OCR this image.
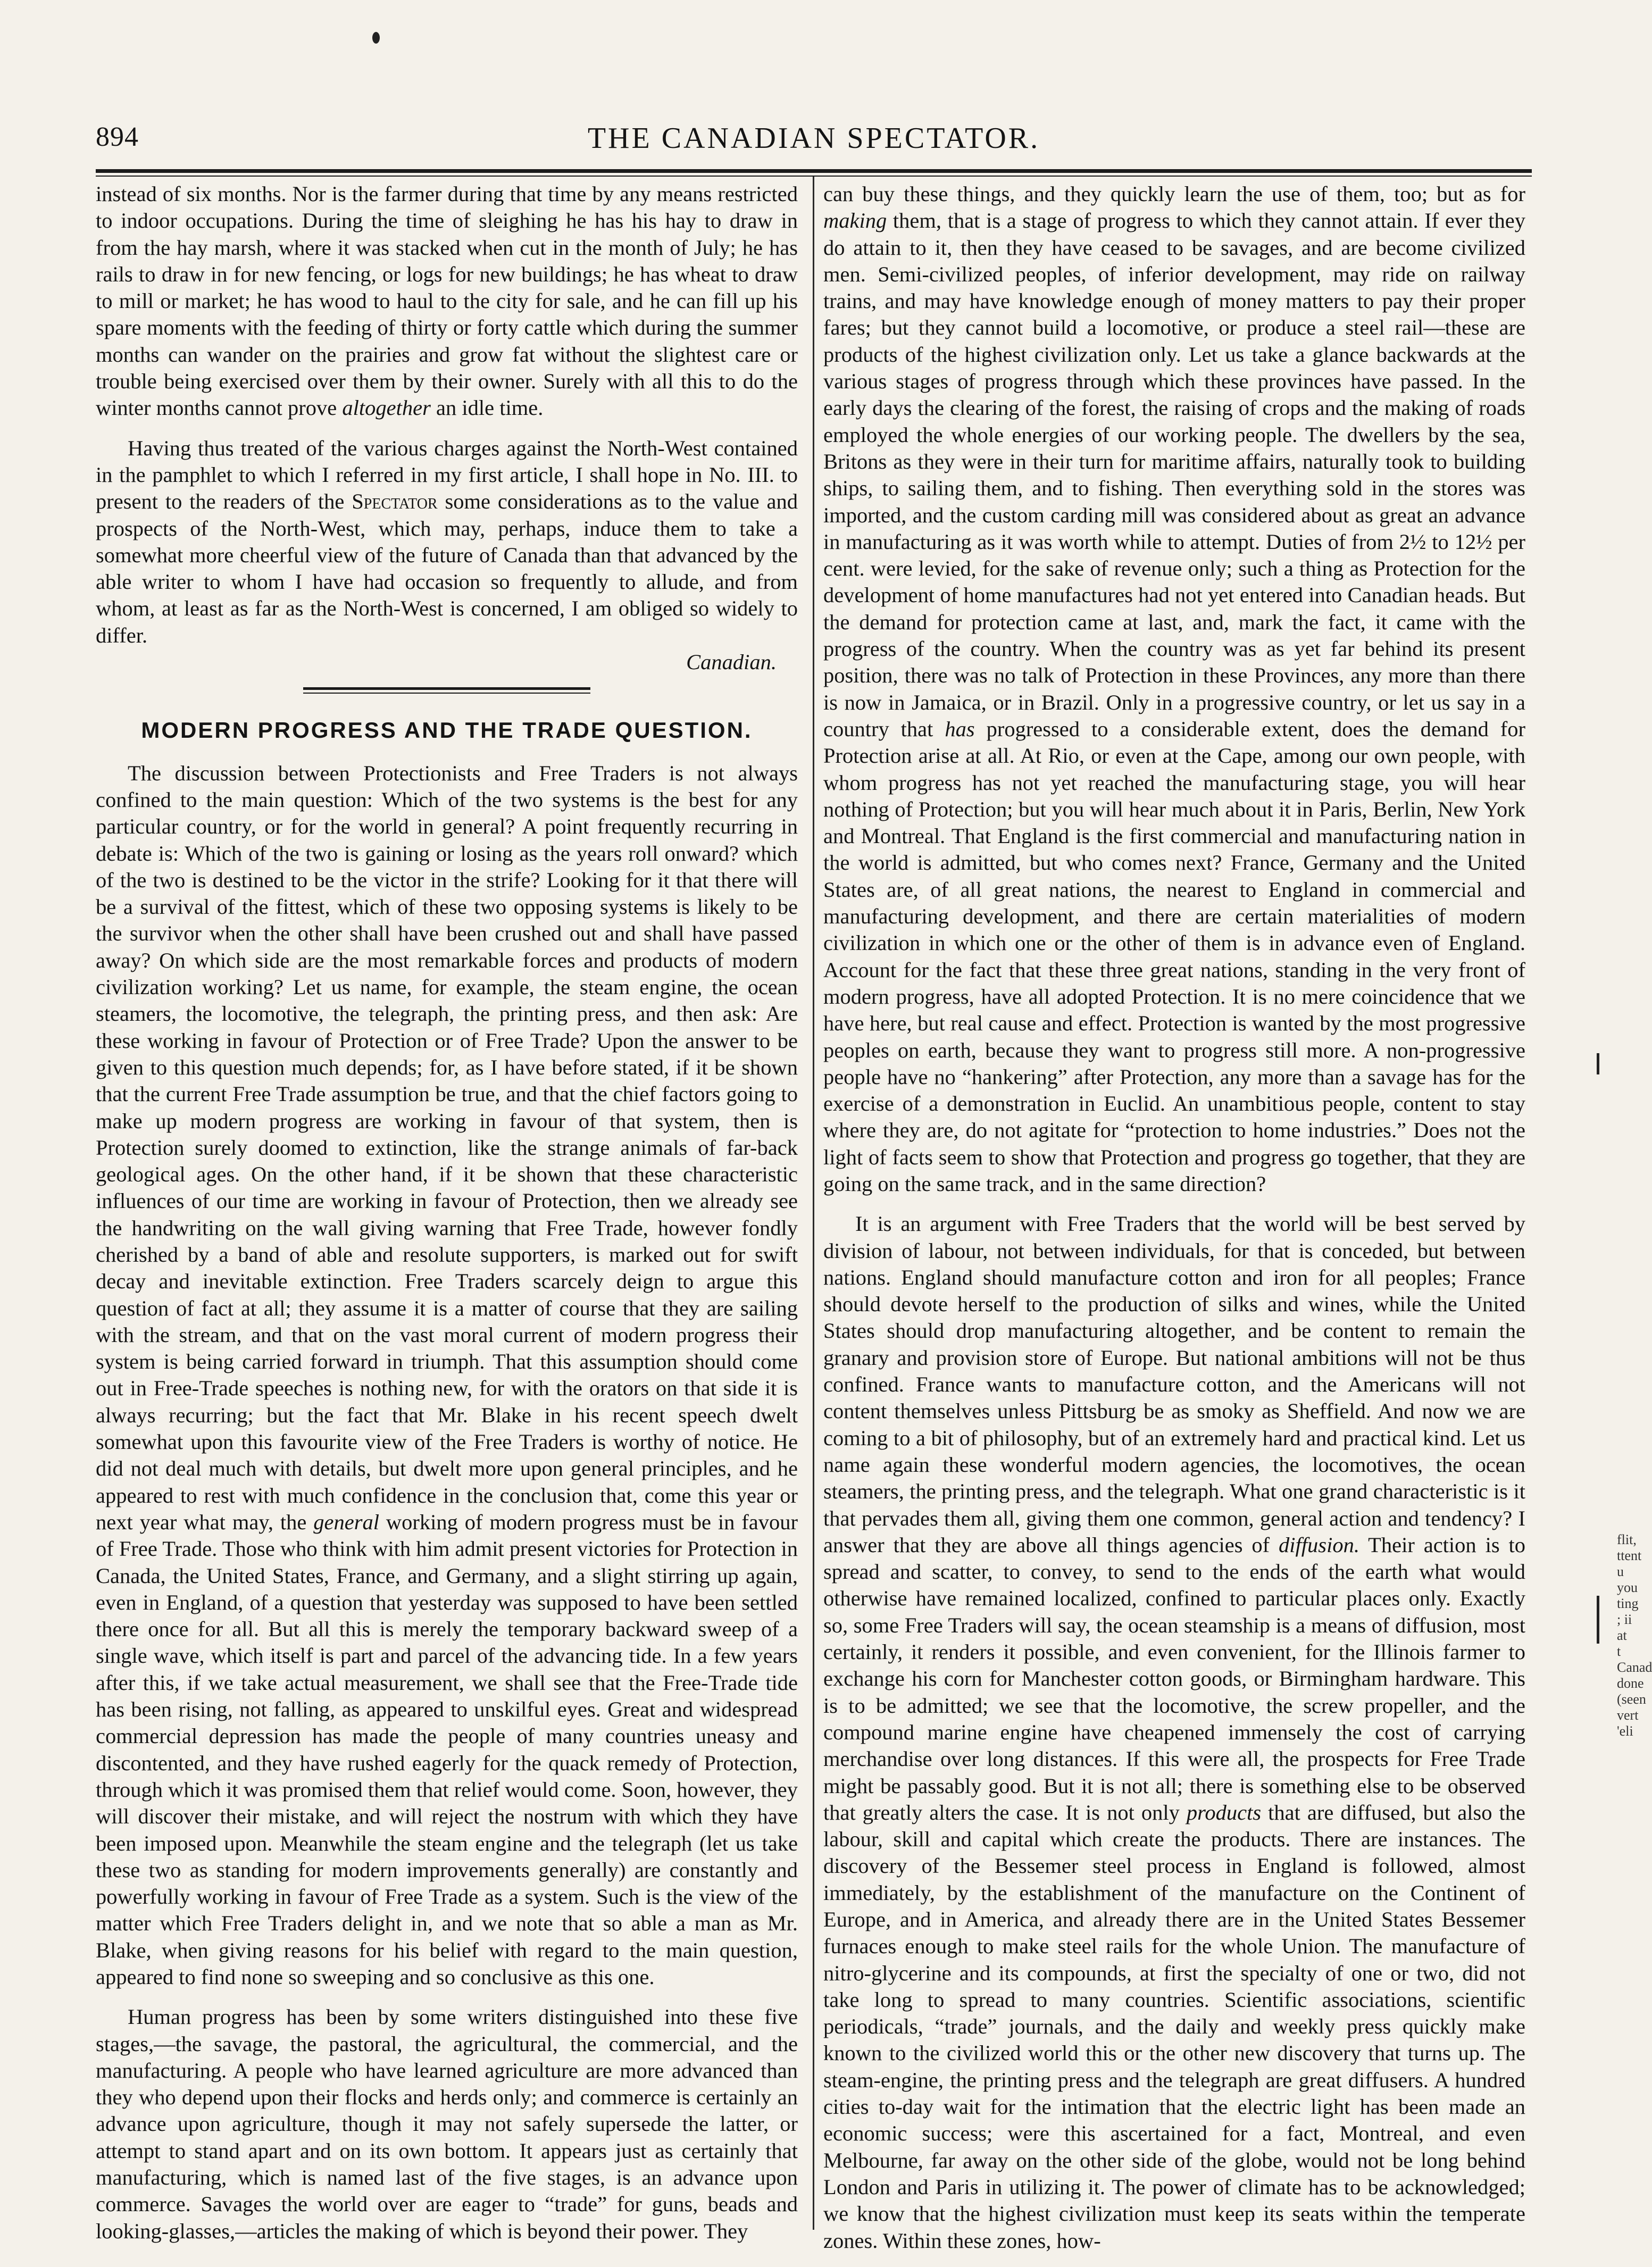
894	THE CANADIAN SPECTATOR.

instead of six months. Nor is the farmer during that time by any means restricted to indoor occupations. During the time of sleighing he has his hay to draw in from the hay marsh, where it was stacked when cut in the month of July; he has rails to draw in for new fencing, or logs for new buildings; he has wheat to draw to mill or market; he has wood to haul to the city for sale, and he can fill up his spare moments with the feeding of thirty or forty cattle which during the summer months can wander on the prairies and grow fat without the slightest care or trouble being exercised over them by their owner. Surely with all this to do the winter months cannot prove altogether an idle time.

Having thus treated of the various charges against the North-West contained in the pamphlet to which I referred in my first article, I shall hope in No. III. to present to the readers of the Spectator some considerations as to the value and prospects of the North-West, which may, perhaps, induce them to take a somewhat more cheerful view of the future of Canada than that advanced by the able writer to whom I have had occasion so frequently to allude, and from whom, at least as far as the North-West is concerned, I am obliged so widely to differ.

Canadian.
MODERN PROGRESS AND THE TRADE QUESTION.

The discussion between Protectionists and Free Traders is not always confined to the main question: Which of the two systems is the best for any particular country, or for the world in general? A point frequently recurring in debate is: Which of the two is gaining or losing as the years roll onward? which of the two is destined to be the victor in the strife? Looking for it that there will be a survival of the fittest, which of these two opposing systems is likely to be the survivor when the other shall have been crushed out and shall have passed away? On which side are the most remarkable forces and products of modern civilization working? Let us name, for example, the steam engine, the ocean steamers, the locomotive, the telegraph, the printing press, and then ask: Are these working in favour of Protection or of Free Trade? Upon the answer to be given to this question much depends; for, as I have before stated, if it be shown that the current Free Trade assumption be true, and that the chief factors going to make up modern progress are working in favour of that system, then is Protection surely doomed to extinction, like the strange animals of far-back geological ages. On the other hand, if it be shown that these characteristic influences of our time are working in favour of Protection, then we already see the handwriting on the wall giving warning that Free Trade, however fondly cherished by a band of able and resolute supporters, is marked out for swift decay and inevitable extinction. Free Traders scarcely deign to argue this question of fact at all; they assume it is a matter of course that they are sailing with the stream, and that on the vast moral current of modern progress their system is being carried forward in triumph. That this assumption should come out in Free-Trade speeches is nothing new, for with the orators on that side it is always recurring; but the fact that Mr. Blake in his recent speech dwelt somewhat upon this favourite view of the Free Traders is worthy of notice. He did not deal much with details, but dwelt more upon general principles, and he appeared to rest with much confidence in the conclusion that, come this year or next year what may, the general working of modern progress must be in favour of Free Trade. Those who think with him admit present victories for Protection in Canada, the United States, France, and Germany, and a slight stirring up again, even in England, of a question that yesterday was supposed to have been settled there once for all. But all this is merely the temporary backward sweep of a single wave, which itself is part and parcel of the advancing tide. In a few years after this, if we take actual measurement, we shall see that the Free-Trade tide has been rising, not falling, as appeared to unskilful eyes. Great and widespread commercial depression has made the people of many countries uneasy and discontented, and they have rushed eagerly for the quack remedy of Protection, through which it was promised them that relief would come. Soon, however, they will discover their mistake, and will reject the nostrum with which they have been imposed upon. Meanwhile the steam engine and the telegraph (let us take these two as standing for modern improvements generally) are constantly and powerfully working in favour of Free Trade as a system. Such is the view of the matter which Free Traders delight in, and we note that so able a man as Mr. Blake, when giving reasons for his belief with regard to the main question, appeared to find none so sweeping and so conclusive as this one.

Human progress has been by some writers distinguished into these five stages,—the savage, the pastoral, the agricultural, the commercial, and the manufacturing. A people who have learned agriculture are more advanced than they who depend upon their flocks and herds only; and commerce is certainly an advance upon agriculture, though it may not safely supersede the latter, or attempt to stand apart and on its own bottom. It appears just as certainly that manufacturing, which is named last of the five stages, is an advance upon commerce. Savages the world over are eager to “trade” for guns, beads and looking-glasses,—articles the making of which is beyond their power. They

can buy these things, and they quickly learn the use of them, too; but as for making them, that is a stage of progress to which they cannot attain. If ever they do attain to it, then they have ceased to be savages, and are become civilized men. Semi-civilized peoples, of inferior development, may ride on railway trains, and may have knowledge enough of money matters to pay their proper fares; but they cannot build a locomotive, or produce a steel rail—these are products of the highest civilization only. Let us take a glance backwards at the various stages of progress through which these provinces have passed. In the early days the clearing of the forest, the raising of crops and the making of roads employed the whole energies of our working people. The dwellers by the sea, Britons as they were in their turn for maritime affairs, naturally took to building ships, to sailing them, and to fishing. Then everything sold in the stores was imported, and the custom carding mill was considered about as great an advance in manufacturing as it was worth while to attempt. Duties of from 2½ to 12½ per cent. were levied, for the sake of revenue only; such a thing as Protection for the development of home manufactures had not yet entered into Canadian heads. But the demand for protection came at last, and, mark the fact, it came with the progress of the country. When the country was as yet far behind its present position, there was no talk of Protection in these Provinces, any more than there is now in Jamaica, or in Brazil. Only in a progressive country, or let us say in a country that has progressed to a considerable extent, does the demand for Protection arise at all. At Rio, or even at the Cape, among our own people, with whom progress has not yet reached the manufacturing stage, you will hear nothing of Protection; but you will hear much about it in Paris, Berlin, New York and Montreal. That England is the first commercial and manufacturing nation in the world is admitted, but who comes next? France, Germany and the United States are, of all great nations, the nearest to England in commercial and manufacturing development, and there are certain materialities of modern civilization in which one or the other of them is in advance even of England. Account for the fact that these three great nations, standing in the very front of modern progress, have all adopted Protection. It is no mere coincidence that we have here, but real cause and effect. Protection is wanted by the most progressive peoples on earth, because they want to progress still more. A non-progressive people have no “hankering” after Protection, any more than a savage has for the exercise of a demonstration in Euclid. An unambitious people, content to stay where they are, do not agitate for “protection to home industries.” Does not the light of facts seem to show that Protection and progress go together, that they are going on the same track, and in the same direction?

It is an argument with Free Traders that the world will be best served by division of labour, not between individuals, for that is conceded, but between nations. England should manufacture cotton and iron for all peoples; France should devote herself to the production of silks and wines, while the United States should drop manufacturing altogether, and be content to remain the granary and provision store of Europe. But national ambitions will not be thus confined. France wants to manufacture cotton, and the Americans will not content themselves unless Pittsburg be as smoky as Sheffield. And now we are coming to a bit of philosophy, but of an extremely hard and practical kind. Let us name again these wonderful modern agencies, the locomotives, the ocean steamers, the printing press, and the telegraph. What one grand characteristic is it that pervades them all, giving them one common, general action and tendency? I answer that they are above all things agencies of diffusion. Their action is to spread and scatter, to convey, to send to the ends of the earth what would otherwise have remained localized, confined to particular places only. Exactly so, some Free Traders will say, the ocean steamship is a means of diffusion, most certainly, it renders it possible, and even convenient, for the Illinois farmer to exchange his corn for Manchester cotton goods, or Birmingham hardware. This is to be admitted; we see that the locomotive, the screw propeller, and the compound marine engine have cheapened immensely the cost of carrying merchandise over long distances. If this were all, the prospects for Free Trade might be passably good. But it is not all; there is something else to be observed that greatly alters the case. It is not only products that are diffused, but also the labour, skill and capital which create the products. There are instances. The discovery of the Bessemer steel process in England is followed, almost immediately, by the establishment of the manufacture on the Continent of Europe, and in America, and already there are in the United States Bessemer furnaces enough to make steel rails for the whole Union. The manufacture of nitro-glycerine and its compounds, at first the specialty of one or two, did not take long to spread to many countries. Scientific associations, scientific periodicals, “trade” journals, and the daily and weekly press quickly make known to the civilized world this or the other new discovery that turns up. The steam-engine, the printing press and the telegraph are great diffusers. A hundred cities to-day wait for the intimation that the electric light has been made an economic success; were this ascertained for a fact, Montreal, and even Melbourne, far away on the other side of the globe, would not be long behind London and Paris in utilizing it. The power of climate has to be acknowledged; we know that the highest civilization must keep its seats within the temperate zones. Within these zones, how-

flit, ttent u you ting ; ii at t Canad done (seen vert 'eli
